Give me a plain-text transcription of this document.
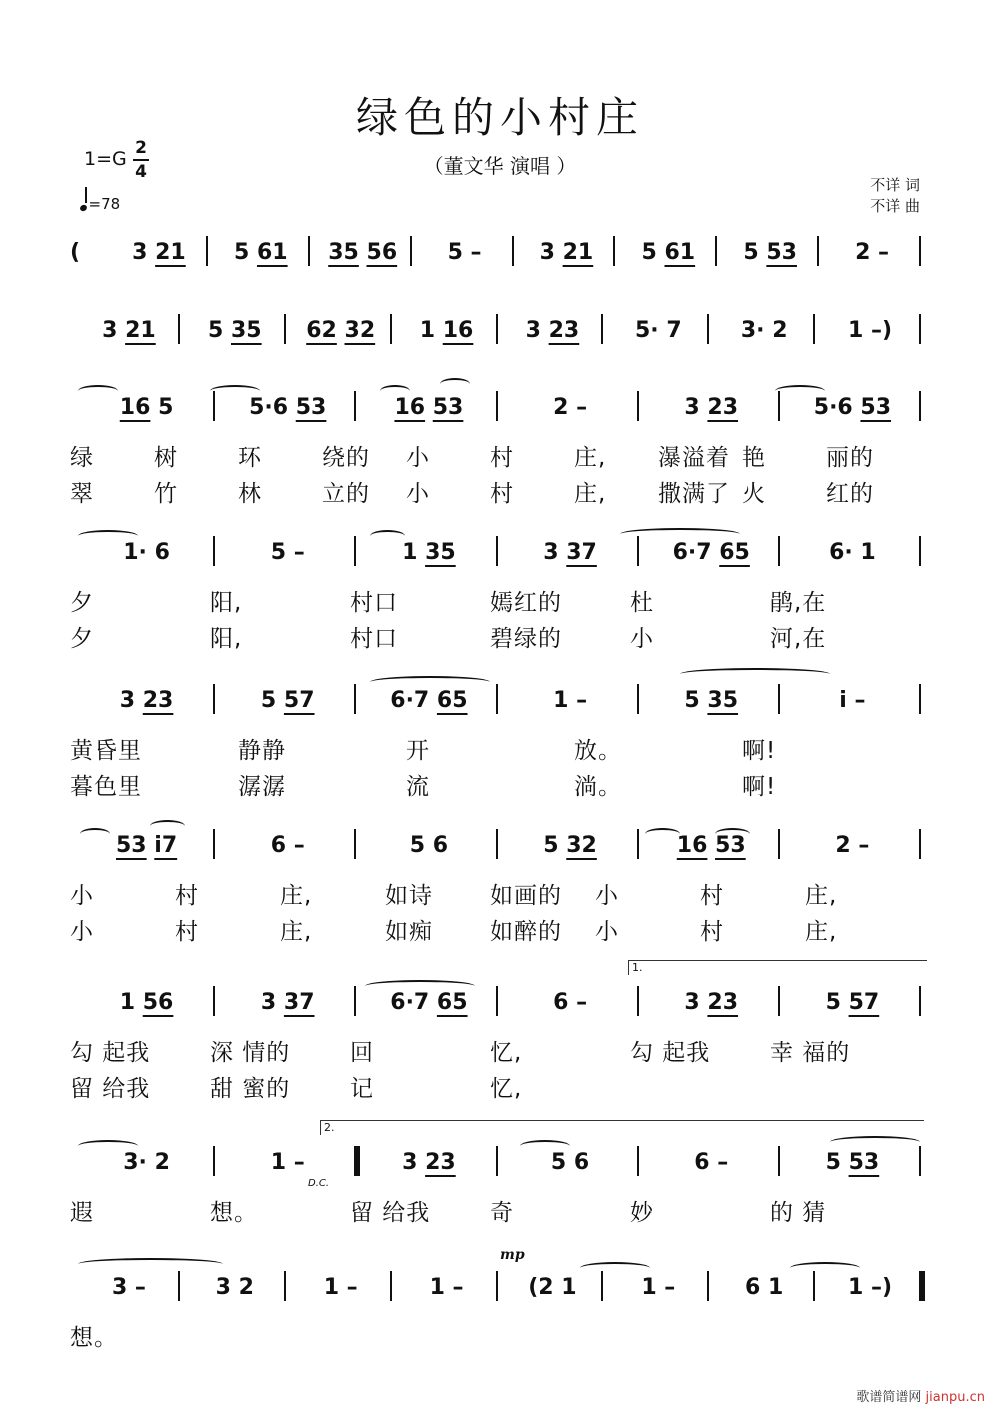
绿色的小村庄
（董文华 演唱 ）
1=G 2
4
=78
不详 词
不详 曲
(	3 21	5 61	35 56	5 –	3 21	5 61	5 53	2 –
3 21	5 35	62 32	1 16	3 23	5· 7	3· 2	1 –)
16 5	5·6 53	16 53	2 –	3 23	5·6 53
绿	树	环	绕的 小	村	庄, 瀑溢着 艳	丽的
翠	竹	林	立的 小	村	庄, 撒满了 火	红的
1· 6	5 –	1 35	3 37	6·7 65	6· 1
夕	阳,	村口	嫣红的	杜	鹃,在
夕	阳,	村口	碧绿的	小	河,在
3 23	5 57	6·7 65	1 –	5 35	i –
黄昏里	静静	开	放。	啊!
暮色里	潺潺	流	淌。	啊!
53 i7	6 –	5 6	5 32	16 53	2 –
小	村	庄,	如诗 如画的 小	村	庄,
小	村	庄,	如痴 如醉的 小	村	庄,
1 56	3 37	6·7 65	6 –	3 23	5 57
勾 起我	深 情的	回	忆,	勾 起我	幸 福的
留 给我	甜 蜜的	记	忆,
1.
3· 2	1 –	3 23	5 6	6 –	5 53
遐	想。	留 给我	奇	妙	的 猜
2.
D.C.
3 –	3 2	1 –	1 –	(2 1	1 –	6 1	1 –)
想。
mp
歌谱简谱网 jianpu.cn
